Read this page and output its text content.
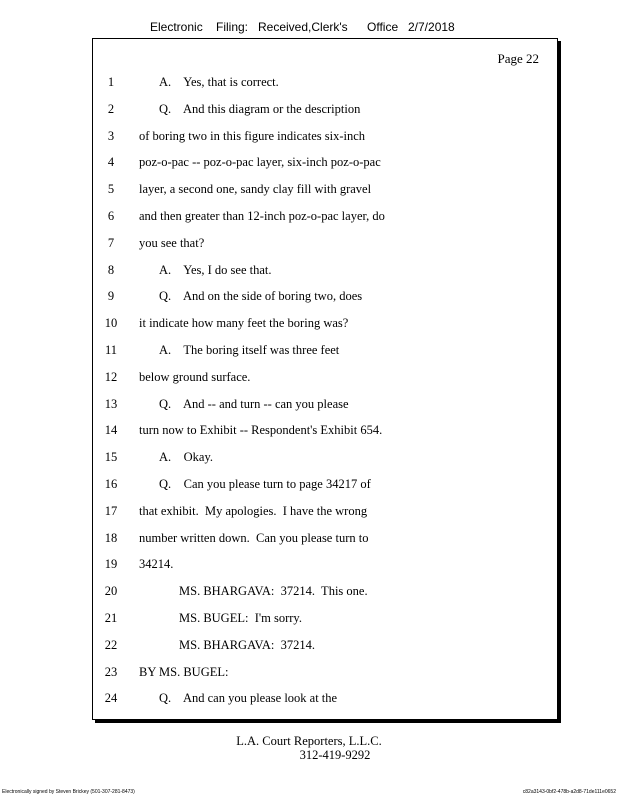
Electronic Filing: Received,Clerk's Office 2/7/2018
Page 22
1	A.    Yes, that is correct.
2	Q.    And this diagram or the description
3	of boring two in this figure indicates six-inch
4	poz-o-pac -- poz-o-pac layer, six-inch poz-o-pac
5	layer, a second one, sandy clay fill with gravel
6	and then greater than 12-inch poz-o-pac layer, do
7	you see that?
8	A.    Yes, I do see that.
9	Q.    And on the side of boring two, does
10	it indicate how many feet the boring was?
11	A.    The boring itself was three feet
12	below ground surface.
13	Q.    And -- and turn -- can you please
14	turn now to Exhibit -- Respondent's Exhibit 654.
15	A.    Okay.
16	Q.    Can you please turn to page 34217 of
17	that exhibit.  My apologies.  I have the wrong
18	number written down.  Can you please turn to
19	34214.
20	MS. BHARGAVA:  37214.  This one.
21	MS. BUGEL:  I'm sorry.
22	MS. BHARGAVA:  37214.
23	BY MS. BUGEL:
24	Q.    And can you please look at the
L.A. Court Reporters, L.L.C.
312-419-9292
Electronically signed by Steven Brickey (501-307-281-8473)	c82a3143-0bf2-478b-a2d8-71de111e0652
